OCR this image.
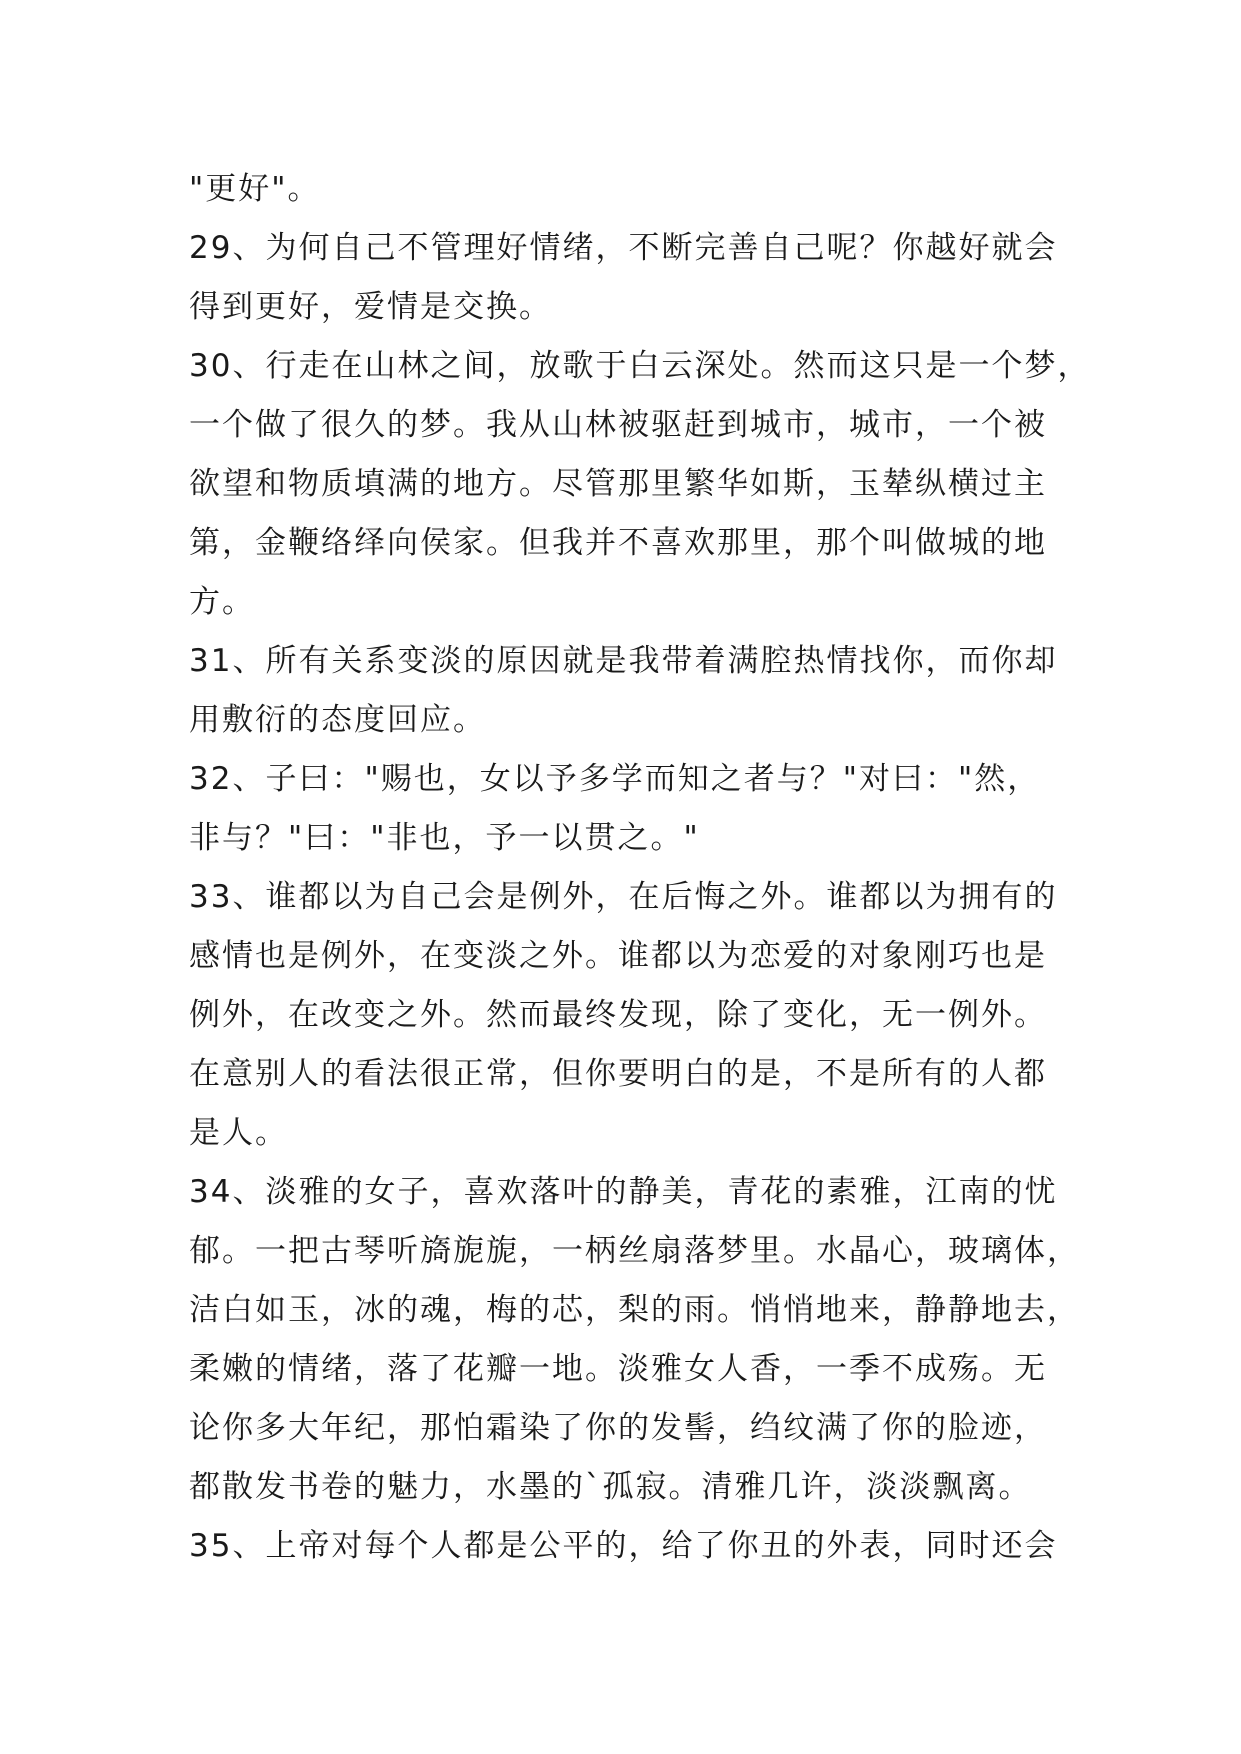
"更好"。
29、为何自己不管理好情绪，不断完善自己呢？你越好就会
得到更好，爱情是交换。
30、行走在山林之间，放歌于白云深处。然而这只是一个梦，
一个做了很久的梦。我从山林被驱赶到城市，城市，一个被
欲望和物质填满的地方。尽管那里繁华如斯，玉辇纵横过主
第，金鞭络绎向侯家。但我并不喜欢那里，那个叫做城的地
方。
31、所有关系变淡的原因就是我带着满腔热情找你，而你却
用敷衍的态度回应。
32、子曰："赐也，女以予多学而知之者与？"对曰："然，
非与？"曰："非也，予一以贯之。"
33、谁都以为自己会是例外，在后悔之外。谁都以为拥有的
感情也是例外，在变淡之外。谁都以为恋爱的对象刚巧也是
例外，在改变之外。然而最终发现，除了变化，无一例外。
在意别人的看法很正常，但你要明白的是，不是所有的人都
是人。
34、淡雅的女子，喜欢落叶的静美，青花的素雅，江南的忧
郁。一把古琴听旖旎旎，一柄丝扇落梦里。水晶心，玻璃体，
洁白如玉，冰的魂，梅的芯，梨的雨。悄悄地来，静静地去，
柔嫩的情绪，落了花瓣一地。淡雅女人香，一季不成殇。无
论你多大年纪，那怕霜染了你的发髻，绉纹满了你的脸迹，
都散发书卷的魅力，水墨的`孤寂。清雅几许，淡淡飘离。
35、上帝对每个人都是公平的，给了你丑的外表，同时还会
